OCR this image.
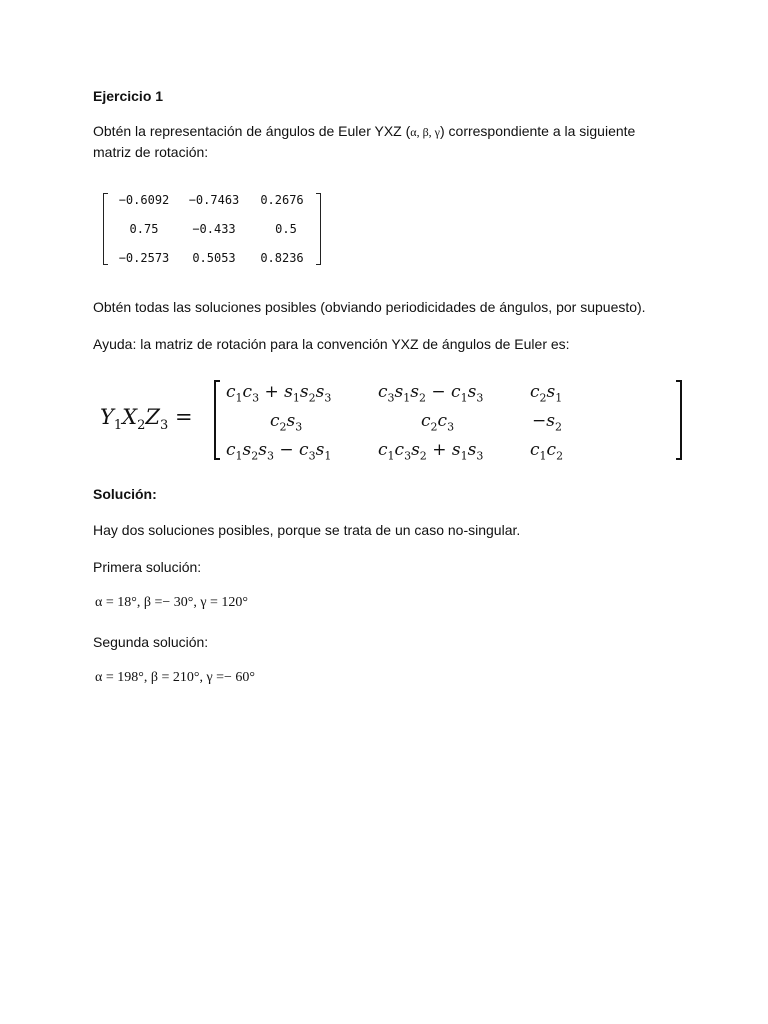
Ejercicio 1

Obtén la representación de ángulos de Euler YXZ (α, β, γ) correspondiente a la siguiente
matriz de rotación:

−0.6092	−0.7463	0.2676
0.75	−0.433	0.5
−0.2573	0.5053	0.8236

Obtén todas las soluciones posibles (obviando periodicidades de ángulos, por supuesto).

Ayuda: la matriz de rotación para la convención YXZ de ángulos de Euler es:

$Y_1X_2Z_3$ =
$c_1c_3 + s_1s_2s_3$	$c_3s_1s_2 - c_1s_3$	$c_2s_1$
$c_2s_3$	$c_2c_3$	$-s_2$
$c_1s_2s_3 - c_3s_1$	$c_1c_3s_2 + s_1s_3$	$c_1c_2$

Solución:

Hay dos soluciones posibles, porque se trata de un caso no-singular.

Primera solución:

α = 18°, β =− 30°, γ = 120°

Segunda solución:

α = 198°, β = 210°, γ =− 60°
